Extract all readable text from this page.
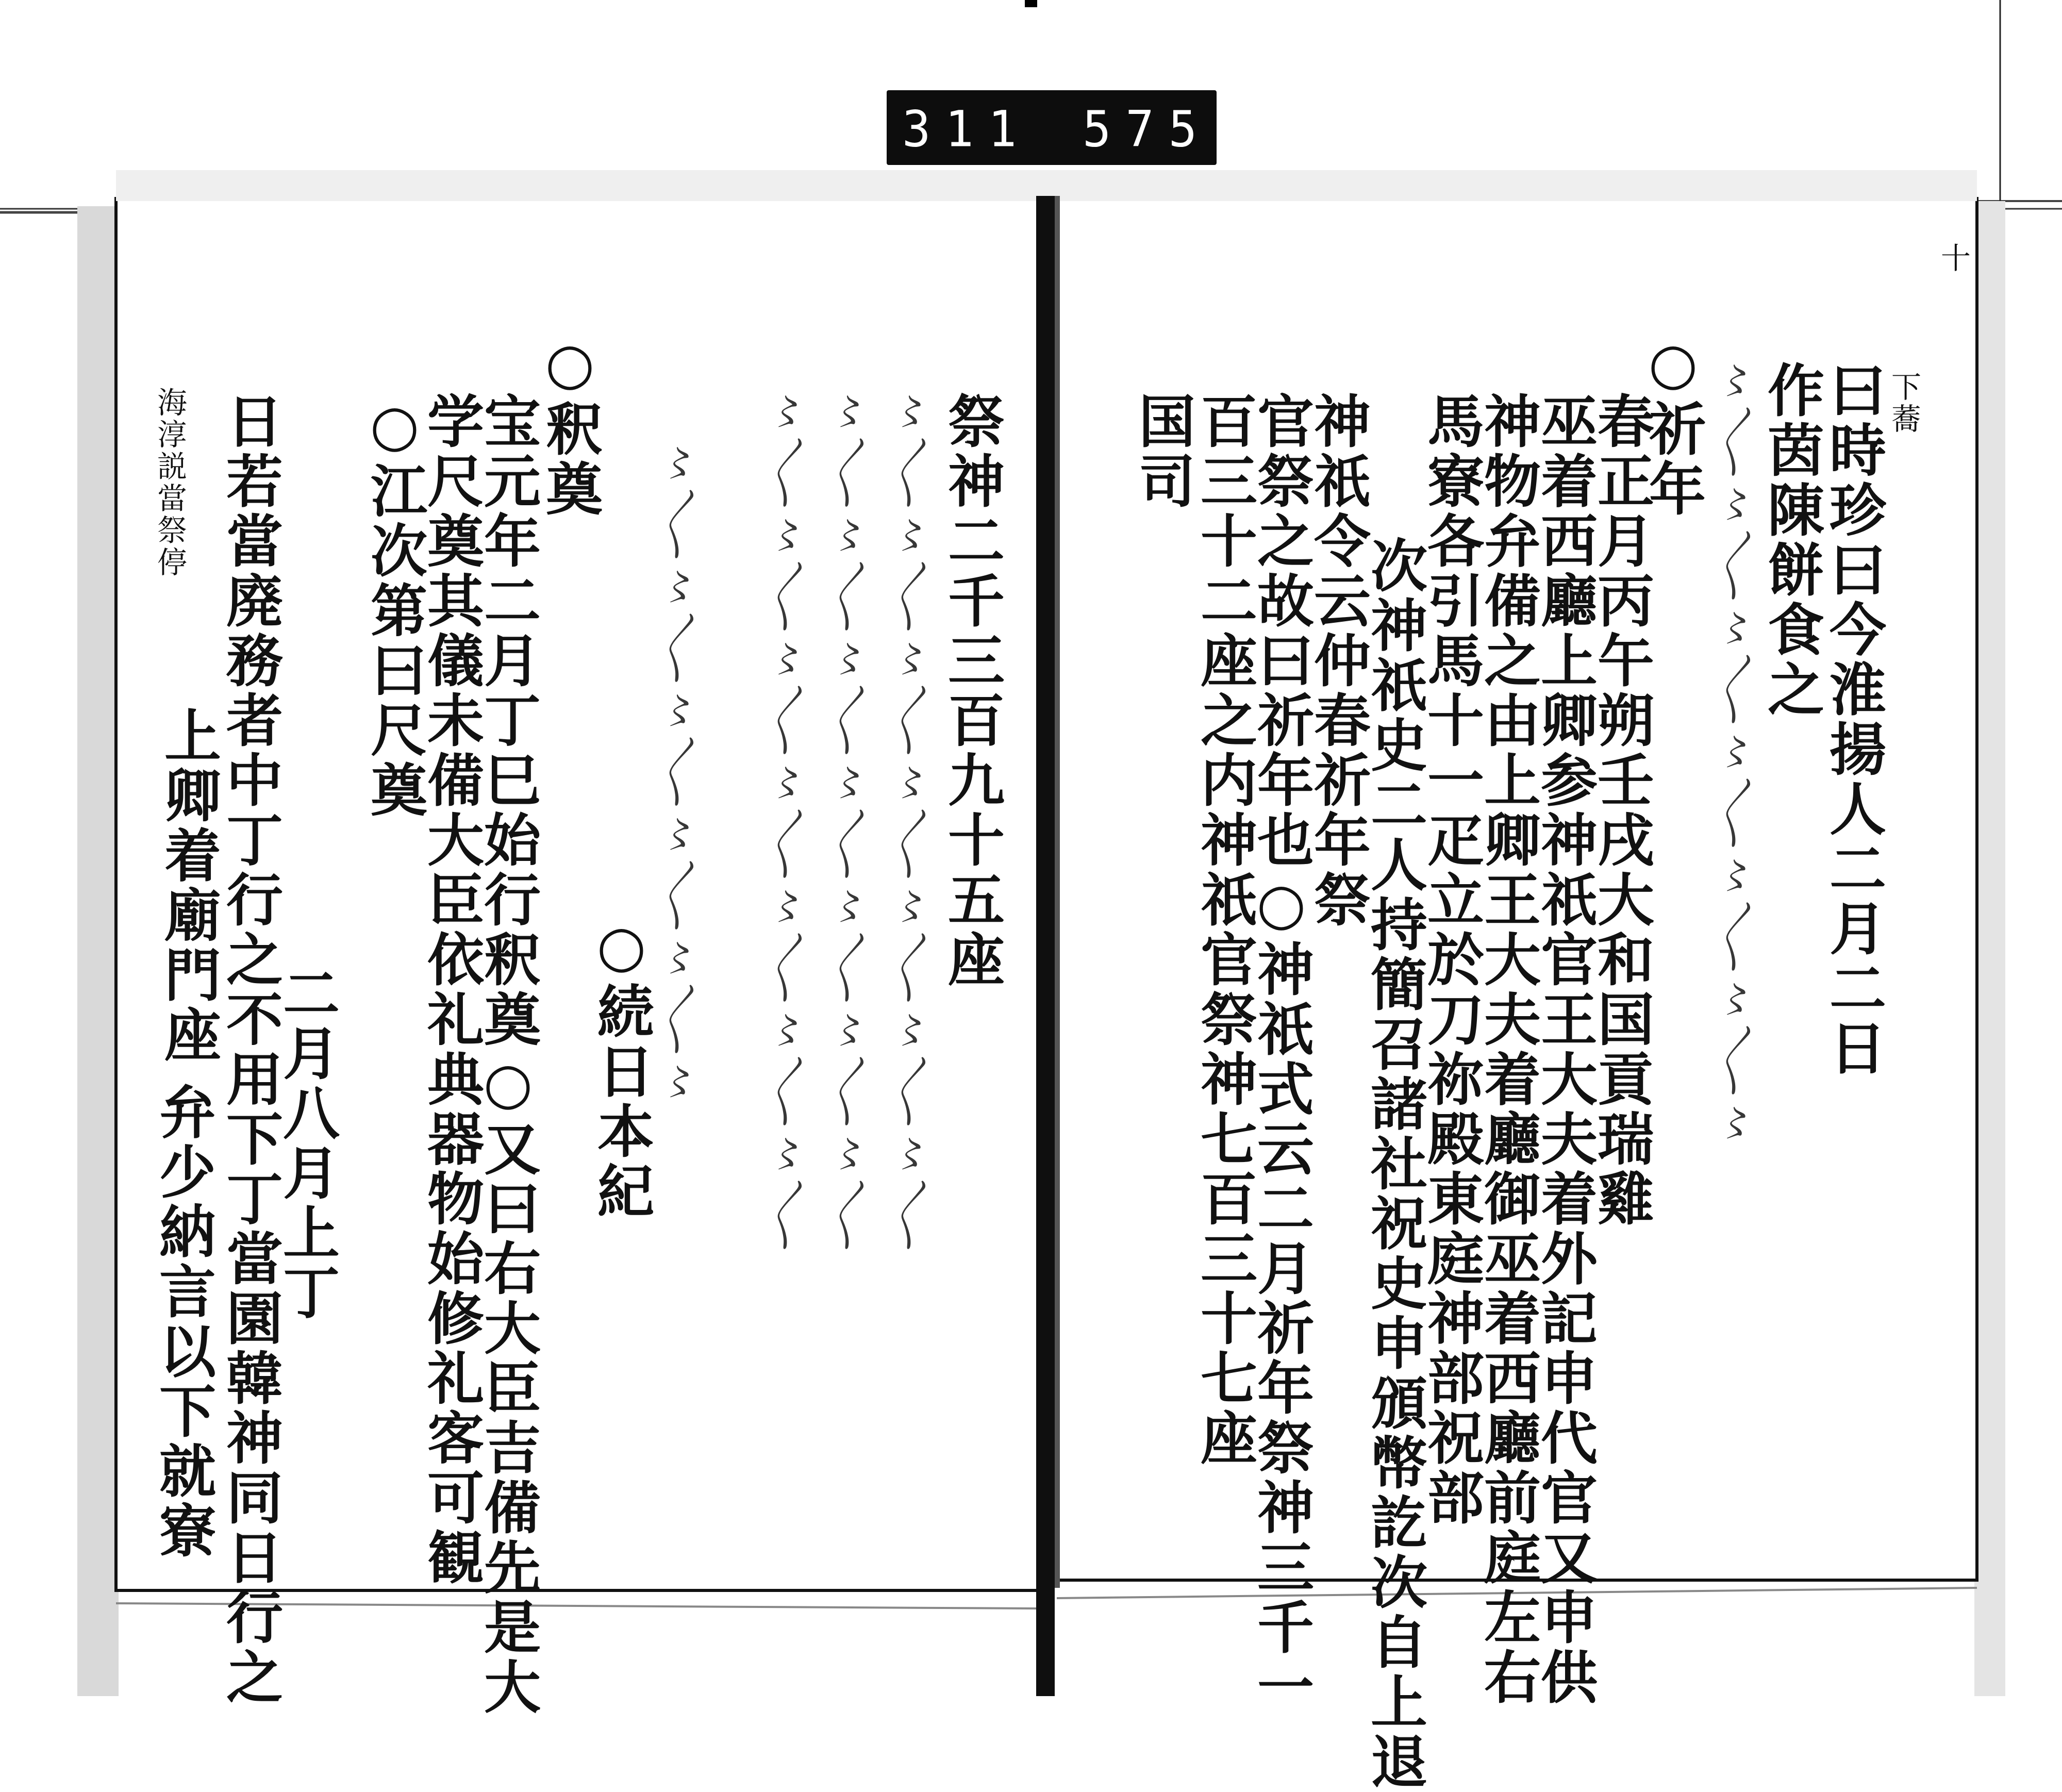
311 575
十
下蕎
曰時珍曰今淮揚人二月二日
作茵陳餅食之
〻〳〵〻〳〵〻〳〵〻〳〵〻〳〵〻〳〵〻
○祈年
春正月丙午朔壬戌大和国貢瑞雞
巫着西廳上卿参神祇官王大夫着外記申代官又申供
神物弁備之由上卿王大夫着廳御巫着西廳前庭左右
馬寮各引馬十一疋立於刀祢殿東庭神部祝部
次神祇史二人持簡召諸社祝史申頒幣訖次自上退
神祇令云仲春祈年祭
官祭之故曰祈年也○神祇式云二月祈年祭神三千一
百三十二座之内神祇官祭神七百三十七座
国司
祭神二千三百九十五座
〻〳〵〻〳〵〻〳〵〻〳〵〻〳〵〻〳〵〻〳〵
〻〳〵〻〳〵〻〳〵〻〳〵〻〳〵〻〳〵〻〳〵
〻〳〵〻〳〵〻〳〵〻〳〵〻〳〵〻〳〵〻〳〵
○続日本紀
〻〳〵〻〳〵〻〳〵〻〳〵〻〳〵〻
○釈奠
宝元年二月丁巳始行釈奠○又曰右大臣吉備先是大
学尺奠其儀未備大臣依礼典器物始修礼客可観
○江次第曰尺奠
二月八月上丁
日若當廃務者中丁行之不用下丁當園韓神同日行之
上卿着廟門座
弁少納言以下就寮
海淳説當祭停
